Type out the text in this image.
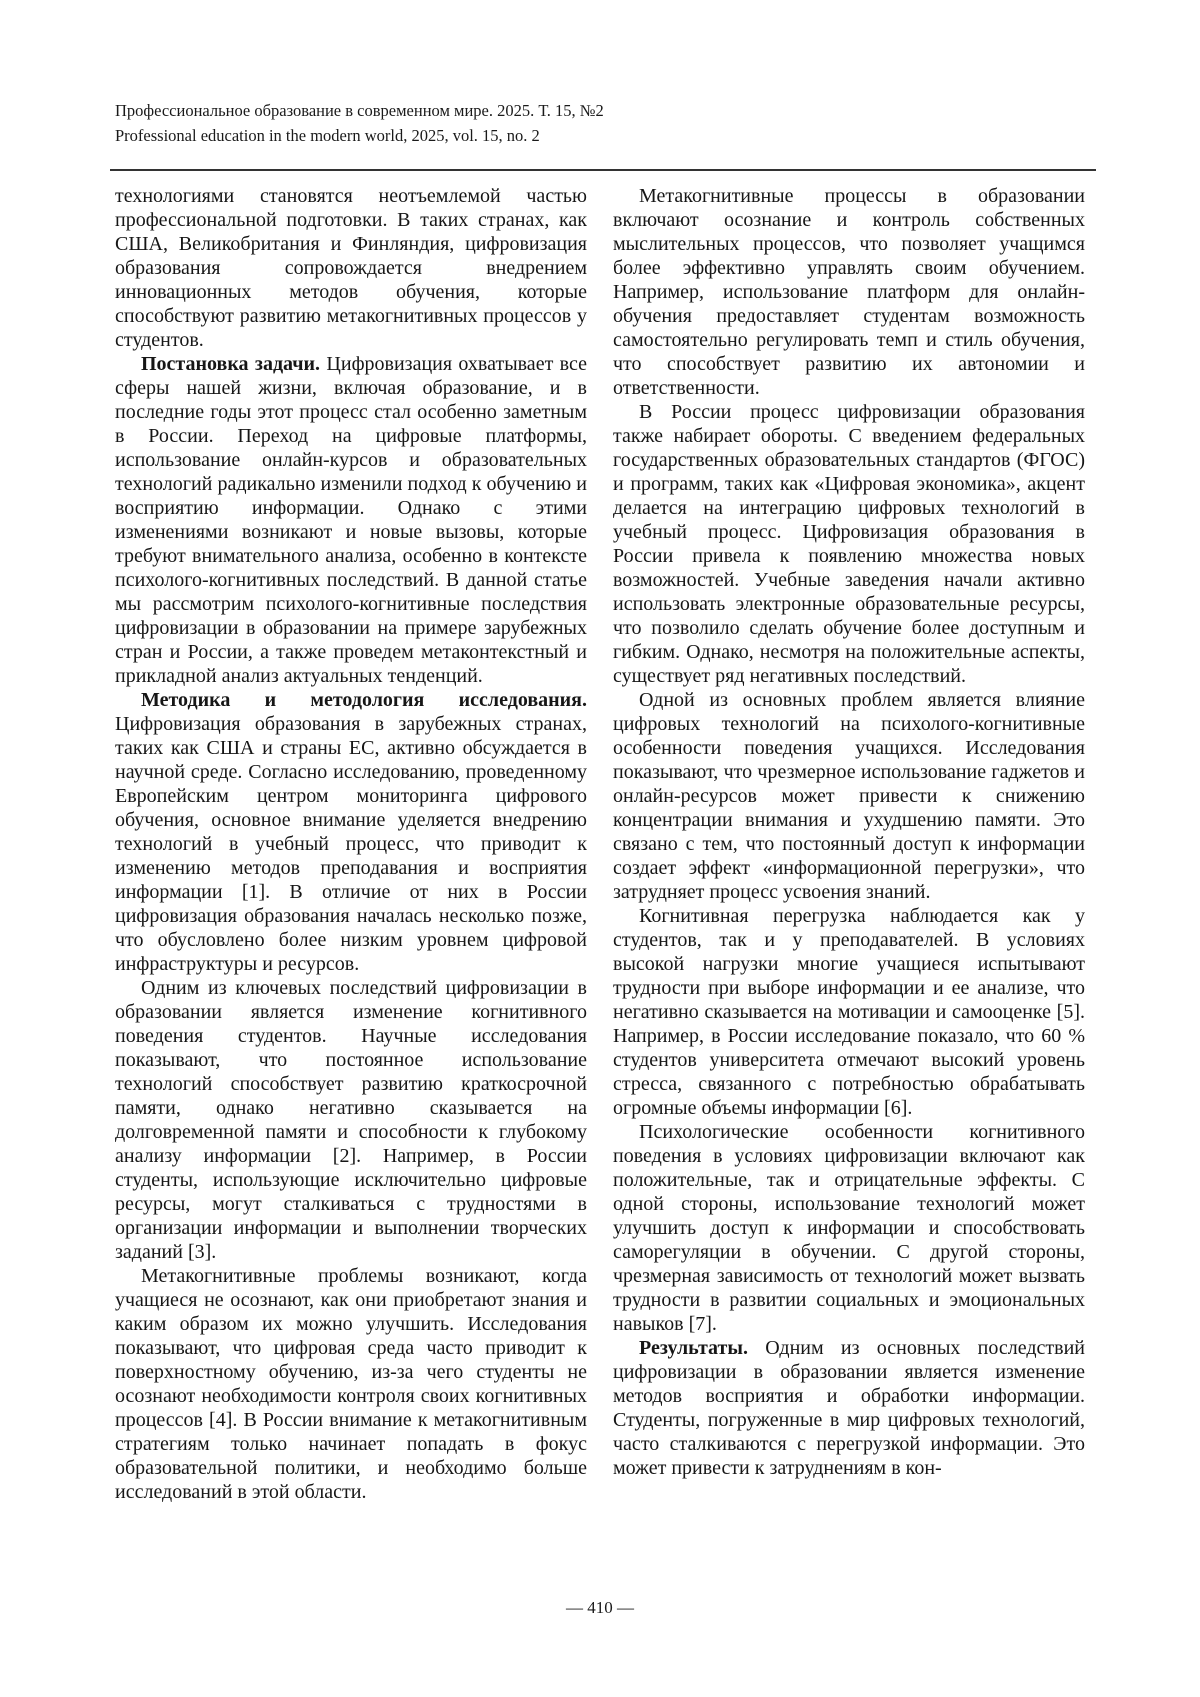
Профессиональное образование в современном мире. 2025. Т. 15, №2
Professional education in the modern world, 2025, vol. 15, no. 2

технологиями становятся неотъемлемой частью профессиональной подготовки. В таких странах, как США, Великобритания и Финляндия, цифровизация образования сопровождается внедрением инновационных методов обучения, которые способствуют развитию метакогнитивных процессов у студентов.

Постановка задачи. Цифровизация охватывает все сферы нашей жизни, включая образование, и в последние годы этот процесс стал особенно заметным в России. Переход на цифровые платформы, использование онлайн-курсов и образовательных технологий радикально изменили подход к обучению и восприятию информации. Однако с этими изменениями возникают и новые вызовы, которые требуют внимательного анализа, особенно в контексте психолого-когнитивных последствий. В данной статье мы рассмотрим психолого-когнитивные последствия цифровизации в образовании на примере зарубежных стран и России, а также проведем метаконтекстный и прикладной анализ актуальных тенденций.

Методика и методология исследования. Цифровизация образования в зарубежных странах, таких как США и страны ЕС, активно обсуждается в научной среде. Согласно исследованию, проведенному Европейским центром мониторинга цифрового обучения, основное внимание уделяется внедрению технологий в учебный процесс, что приводит к изменению методов преподавания и восприятия информации [1]. В отличие от них в России цифровизация образования началась несколько позже, что обусловлено более низким уровнем цифровой инфраструктуры и ресурсов.

Одним из ключевых последствий цифровизации в образовании является изменение когнитивного поведения студентов. Научные исследования показывают, что постоянное использование технологий способствует развитию краткосрочной памяти, однако негативно сказывается на долговременной памяти и способности к глубокому анализу информации [2]. Например, в России студенты, использующие исключительно цифровые ресурсы, могут сталкиваться с трудностями в организации информации и выполнении творческих заданий [3].

Метакогнитивные проблемы возникают, когда учащиеся не осознают, как они приобретают знания и каким образом их можно улучшить. Исследования показывают, что цифровая среда часто приводит к поверхностному обучению, из-за чего студенты не осознают необходимости контроля своих когнитивных процессов [4]. В России внимание к метакогнитивным стратегиям только начинает попадать в фокус образовательной политики, и необходимо больше исследований в этой области.

Метакогнитивные процессы в образовании включают осознание и контроль собственных мыслительных процессов, что позволяет учащимся более эффективно управлять своим обучением. Например, использование платформ для онлайн-обучения предоставляет студентам возможность самостоятельно регулировать темп и стиль обучения, что способствует развитию их автономии и ответственности.

В России процесс цифровизации образования также набирает обороты. С введением федеральных государственных образовательных стандартов (ФГОС) и программ, таких как «Цифровая экономика», акцент делается на интеграцию цифровых технологий в учебный процесс. Цифровизация образования в России привела к появлению множества новых возможностей. Учебные заведения начали активно использовать электронные образовательные ресурсы, что позволило сделать обучение более доступным и гибким. Однако, несмотря на положительные аспекты, существует ряд негативных последствий.

Одной из основных проблем является влияние цифровых технологий на психолого-когнитивные особенности поведения учащихся. Исследования показывают, что чрезмерное использование гаджетов и онлайн-ресурсов может привести к снижению концентрации внимания и ухудшению памяти. Это связано с тем, что постоянный доступ к информации создает эффект «информационной перегрузки», что затрудняет процесс усвоения знаний.

Когнитивная перегрузка наблюдается как у студентов, так и у преподавателей. В условиях высокой нагрузки многие учащиеся испытывают трудности при выборе информации и ее анализе, что негативно сказывается на мотивации и самооценке [5]. Например, в России исследование показало, что 60 % студентов университета отмечают высокий уровень стресса, связанного с потребностью обрабатывать огромные объемы информации [6].

Психологические особенности когнитивного поведения в условиях цифровизации включают как положительные, так и отрицательные эффекты. С одной стороны, использование технологий может улучшить доступ к информации и способствовать саморегуляции в обучении. С другой стороны, чрезмерная зависимость от технологий может вызвать трудности в развитии социальных и эмоциональных навыков [7].

Результаты. Одним из основных последствий цифровизации в образовании является изменение методов восприятия и обработки информации. Студенты, погруженные в мир цифровых технологий, часто сталкиваются с перегрузкой информации. Это может привести к затруднениям в кон-

— 410 —
